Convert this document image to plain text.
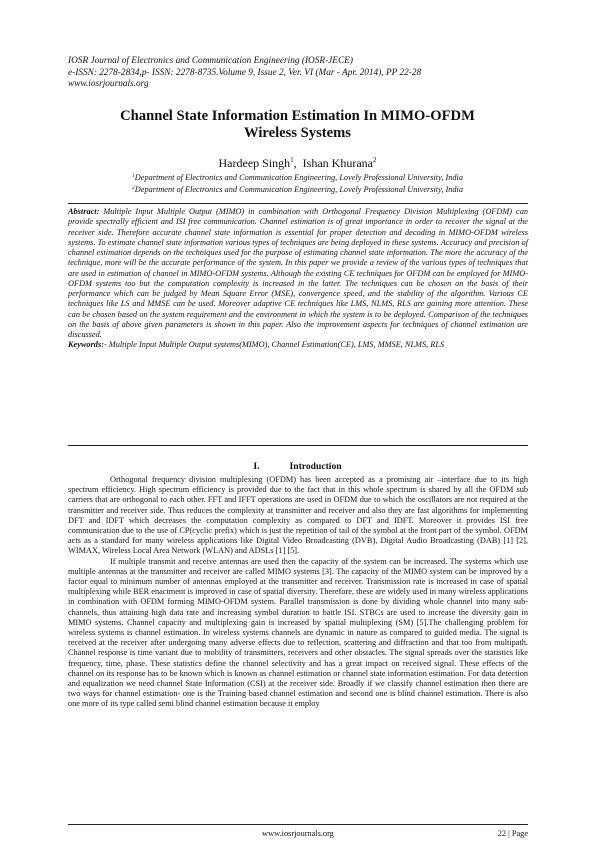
IOSR Journal of Electronics and Communication Engineering (IOSR-JECE)
e-ISSN: 2278-2834,p- ISSN: 2278-8735.Volume 9, Issue 2, Ver. VI (Mar - Apr. 2014), PP 22-28
www.iosrjournals.org
Channel State Information Estimation In MIMO-OFDM
Wireless Systems
Hardeep Singh$^1$, Ishan Khurana$^2$
$^1$Department of Electronics and Communication Engineering, Lovely Professional University, India
$^2$Department of Electronics and Communication Engineering, Lovely Professional University, India

Abstract: Multiple Input Multiple Output (MIMO) in combination with Orthogonal Frequency Division Multiplexing (OFDM) can provide spectrally efficient and ISI free communication. Channel estimation is of great importance in order to recover the signal at the receiver side. Therefore accurate channel state information is essential for proper detection and decoding in MIMO-OFDM wireless systems. To estimate channel state information various types of techniques are being deployed in these systems. Accuracy and precision of channel estimation depends on the techniques used for the purpose of estimating channel state information. The more the accuracy of the technique, more will be the accurate performance of the system. In this paper we provide a review of the various types of techniques that are used in estimation of channel in MIMO-OFDM systems. Although the existing CE techniques for OFDM can be employed for MIMO-OFDM systems too but the computation complexity is increased in the latter. The techniques can be chosen on the basis of their performance which can be judged by Mean Square Error (MSE), convergence speed, and the stability of the algorithm. Various CE techniques like LS and MMSE can be used. Moreover adaptive CE techniques like LMS, NLMS, RLS are gaining more attention. These can be chosen based on the system requirement and the environment in which the system is to be deployed. Comparison of the techniques on the basis of above given parameters is shown in this paper. Also the improvement aspects for techniques of channel estimation are discussed.

Keywords:- Multiple Input Multiple Output systems(MIMO), Channel Estimation(CE), LMS, MMSE, NLMS, RLS

I.	Introduction

Orthogonal frequency division multiplexing (OFDM) has been accepted as a promising air –interface due to its high spectrum efficiency. High spectrum efficiency is provided due to the fact that in this whole spectrum is shared by all the OFDM sub carriers that are orthogonal to each other. FFT and IFFT operations are used in OFDM due to which the oscillators are not required at the transmitter and receiver side. Thus reduces the complexity at transmitter and receiver and also they are fast algorithms for implementing DFT and IDFT which decreases the computation complexity as compared to DFT and IDFT. Moreover it provides ISI free communication due to the use of CP(cyclic prefix) which is just the repetition of tail of the symbol at the front part of the symbol. OFDM acts as a standard for many wireless applications like Digital Video Broadcasting (DVB), Digital Audio Broadcasting (DAB) [1] [2], WIMAX, Wireless Local Area Network (WLAN) and ADSLs [1] [5].

If multiple transmit and receive antennas are used then the capacity of the system can be increased. The systems which use multiple antennas at the transmitter and receiver are called MIMO systems [3]. The capacity of the MIMO system can be improved by a factor equal to minimum number of antennas employed at the transmitter and receiver. Transmission rate is increased in case of spatial multiplexing while BER enactment is improved in case of spatial diversity. Therefore, these are widely used in many wireless applications in combination with OFDM forming MIMO-OFDM system. Parallel transmission is done by dividing whole channel into many sub-channels, thus attaining high data rate and increasing symbol duration to battle ISI. STBCs are used to increase the diversity gain in MIMO systems. Channel capacity and multiplexing gain is increased by spatial multiplexing (SM) [5].The challenging problem for wireless systems is channel estimation. In wireless systems channels are dynamic in nature as compared to guided media. The signal is received at the receiver after undergoing many adverse effects due to reflection, scattering and diffraction and that too from multipath. Channel response is time variant due to mobility of transmitters, receivers and other obstacles. The signal spreads over the statistics like frequency, time, phase. These statistics define the channel selectivity and has a great impact on received signal. These effects of the channel on its response has to be known which is known as channel estimation or channel state information estimation. For data detection and equalization we need channel State Information (CSI) at the receiver side. Broadly if we classify channel estimation then there are two ways for channel estimation- one is the Training based channel estimation and second one is blind channel estimation. There is also one more of its type called semi blind channel estimation because it employ

www.iosrjournals.org	22 | Page
